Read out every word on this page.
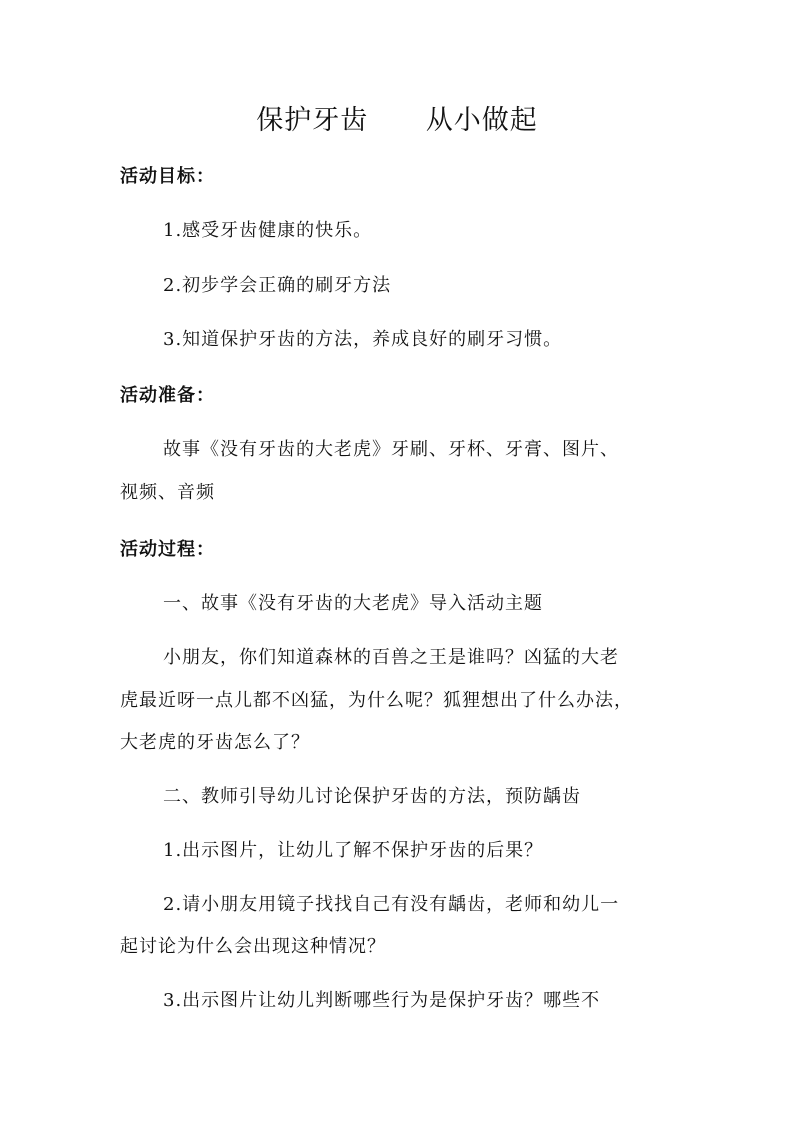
保护牙齿      从小做起
活动目标：
1.感受牙齿健康的快乐。
2.初步学会正确的刷牙方法
3.知道保护牙齿的方法，养成良好的刷牙习惯。
活动准备：
故事《没有牙齿的大老虎》牙刷、牙杯、牙膏、图片、
视频、音频
活动过程：
一、故事《没有牙齿的大老虎》导入活动主题
小朋友，你们知道森林的百兽之王是谁吗？凶猛的大老
虎最近呀一点儿都不凶猛，为什么呢？狐狸想出了什么办法，
大老虎的牙齿怎么了？
二、教师引导幼儿讨论保护牙齿的方法，预防龋齿
1.出示图片，让幼儿了解不保护牙齿的后果？
2.请小朋友用镜子找找自己有没有龋齿，老师和幼儿一
起讨论为什么会出现这种情况？
3.出示图片让幼儿判断哪些行为是保护牙齿？哪些不
